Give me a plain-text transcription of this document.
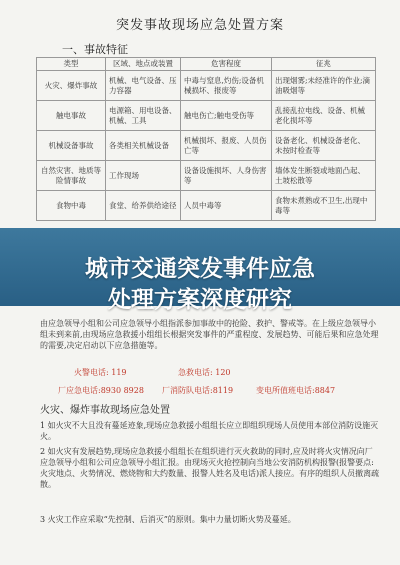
突发事故现场应急处置方案
一、事故特征
类型	区域、地点或装置	危害程度	征兆
火灾、爆炸事故	机械、电气设备、压力容器	中毒与窒息,灼伤;设备机械损坏、报废等	出现烟雾;未经准许的作业;滴油吸烟等
触电事故	电源箱、用电设备、机械、工具	触电伤亡;触电受伤等	乱接乱拉电线、设备、机械老化损坏等
机械设备事故	各类相关机械设备	机械损坏、报废、人员伤亡等	设备老化、机械设备老化、未按时检查等
自然灾害、地质等险情事故	工作现场	设备设施损坏、人身伤害等	墙体发生断裂或地面凸起、土坡松散等
食物中毒	食堂、给养供给途径	人员中毒等	食物未煮熟或不卫生,出现中毒等
城市交通突发事件应急
处理方案深度研究
由应急领导小组和公司应急领导小组指派参加事故中的抢险、救护、警戒等。在上级应急领导小组未到来前,由现场应急救援小组组长根据突发事件的严重程度、发展趋势、可能后果和应急处理的需要,决定启动以下应急措施等。
火警电话: 119	急救电话: 120
厂应急电话:8930 8928 厂消防队电话:8119	变电所值班电话:8847
火灾、爆炸事故现场应急处置
1 如火灾不大且没有蔓延迹象,现场应急救援小组组长应立即组织现场人员使用本部位消防设施灭火。
2 如火灾有发展趋势,现场应急救援小组组长在组织进行灭火救助的同时,应及时将火灾情况向厂应急领导小组和公司应急领导小组汇报。由现场灭火抢控制向当地公安消防机构报警(报警要点:火灾地点、火势情况、燃烧物和大约数量、报警人姓名及电话)派人接应。有序的组织人员撤离疏散。
3 火灾工作应采取“先控制、后消灭”的原则。集中力量切断火势及蔓延。
